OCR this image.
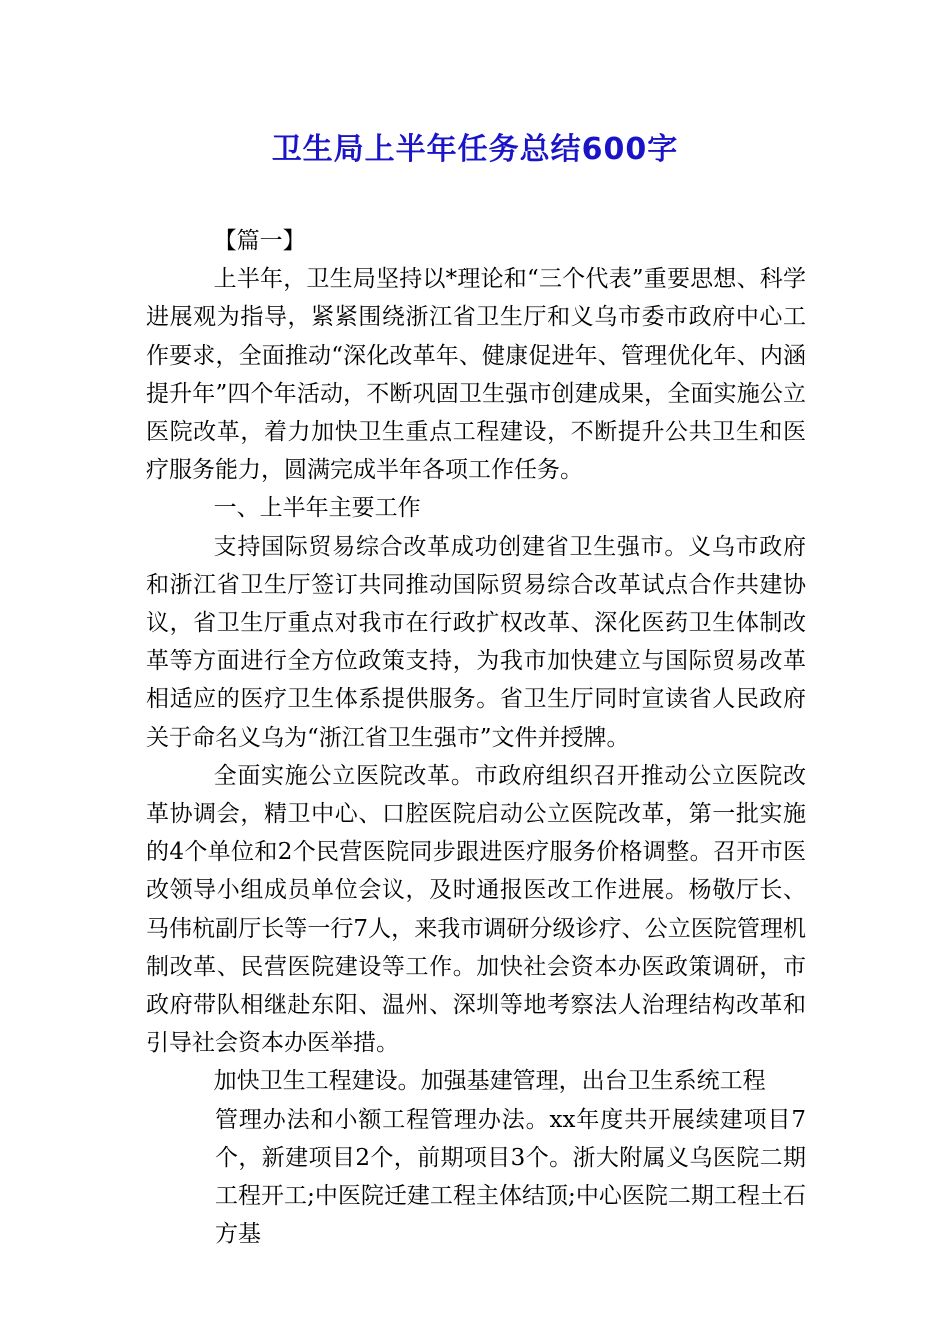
卫生局上半年任务总结600字

【篇一】

上半年，卫生局坚持以*理论和“三个代表”重要思想、科学进展观为指导，紧紧围绕浙江省卫生厅和义乌市委市政府中心工作要求，全面推动“深化改革年、健康促进年、管理优化年、内涵提升年”四个年活动，不断巩固卫生强市创建成果，全面实施公立医院改革，着力加快卫生重点工程建设，不断提升公共卫生和医疗服务能力，圆满完成半年各项工作任务。

一、上半年主要工作

支持国际贸易综合改革成功创建省卫生强市。义乌市政府和浙江省卫生厅签订共同推动国际贸易综合改革试点合作共建协议，省卫生厅重点对我市在行政扩权改革、深化医药卫生体制改革等方面进行全方位政策支持，为我市加快建立与国际贸易改革相适应的医疗卫生体系提供服务。省卫生厅同时宣读省人民政府关于命名义乌为“浙江省卫生强市”文件并授牌。

全面实施公立医院改革。市政府组织召开推动公立医院改革协调会，精卫中心、口腔医院启动公立医院改革，第一批实施的4个单位和2个民营医院同步跟进医疗服务价格调整。召开市医改领导小组成员单位会议，及时通报医改工作进展。杨敬厅长、马伟杭副厅长等一行7人，来我市调研分级诊疗、公立医院管理机制改革、民营医院建设等工作。加快社会资本办医政策调研，市政府带队相继赴东阳、温州、深圳等地考察法人治理结构改革和引导社会资本办医举措。

加快卫生工程建设。加强基建管理，出台卫生系统工程

管理办法和小额工程管理办法。xx年度共开展续建项目7个，新建项目2个，前期项目3个。浙大附属义乌医院二期工程开工;中医院迁建工程主体结顶;中心医院二期工程土石方基
